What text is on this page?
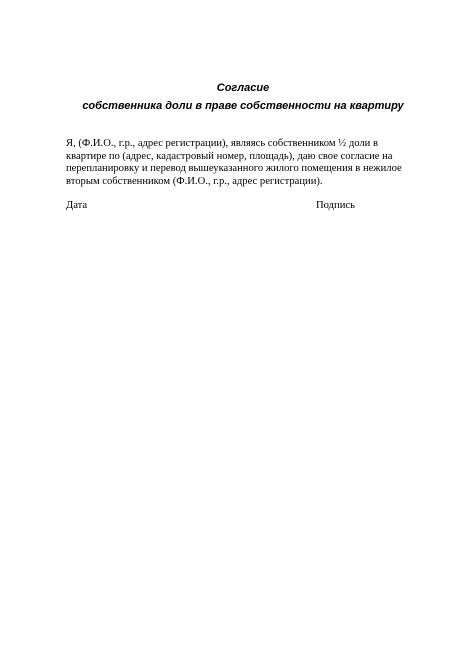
Согласие
собственника доли в праве собственности на квартиру

Я, (Ф.И.О., г.р., адрес регистрации), являясь собственником ½ доли в
квартире по (адрес, кадастровый номер, площадь), даю свое согласие на
перепланировку и перевод вышеуказанного жилого помещения в нежилое
вторым собственником (Ф.И.О., г.р., адрес регистрации).

Дата	Подпись
